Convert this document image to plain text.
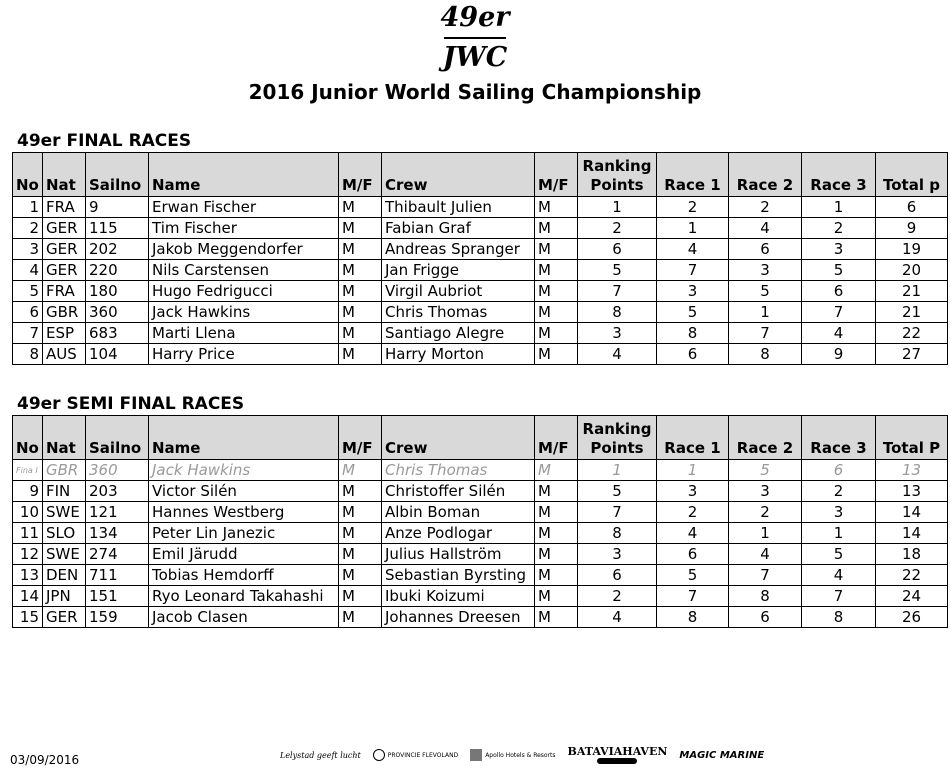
49er
JWC
2016 Junior World Sailing Championship
49er FINAL RACES
No	Nat	Sailno	Name	M/F	Crew	M/F	Ranking Points	Race 1	Race 2	Race 3	Total p
1	FRA	9	Erwan Fischer	M	Thibault Julien	M	1	2	2	1	6
2	GER	115	Tim Fischer	M	Fabian Graf	M	2	1	4	2	9
3	GER	202	Jakob Meggendorfer	M	Andreas Spranger	M	6	4	6	3	19
4	GER	220	Nils Carstensen	M	Jan Frigge	M	5	7	3	5	20
5	FRA	180	Hugo Fedrigucci	M	Virgil Aubriot	M	7	3	5	6	21
6	GBR	360	Jack Hawkins	M	Chris Thomas	M	8	5	1	7	21
7	ESP	683	Marti Llena	M	Santiago Alegre	M	3	8	7	4	22
8	AUS	104	Harry Price	M	Harry Morton	M	4	6	8	9	27
49er SEMI FINAL RACES
No	Nat	Sailno	Name	M/F	Crew	M/F	Ranking Points	Race 1	Race 2	Race 3	Total P
Fina l	GBR	360	Jack Hawkins	M	Chris Thomas	M	1	1	5	6	13
9	FIN	203	Victor Silén	M	Christoffer Silén	M	5	3	3	2	13
10	SWE	121	Hannes Westberg	M	Albin Boman	M	7	2	2	3	14
11	SLO	134	Peter Lin Janezic	M	Anze Podlogar	M	8	4	1	1	14
12	SWE	274	Emil Järudd	M	Julius Hallström	M	3	6	4	5	18
13	DEN	711	Tobias Hemdorff	M	Sebastian Byrsting	M	6	5	7	4	22
14	JPN	151	Ryo Leonard Takahashi	M	Ibuki Koizumi	M	2	7	8	7	24
15	GER	159	Jacob Clasen	M	Johannes Dreesen	M	4	8	6	8	26
03/09/2016	Lelystad geeft lucht	PROVINCIE FLEVOLAND	Apollo Hotels & Resorts BATAVIAHAVEN MAGIC MARINE
